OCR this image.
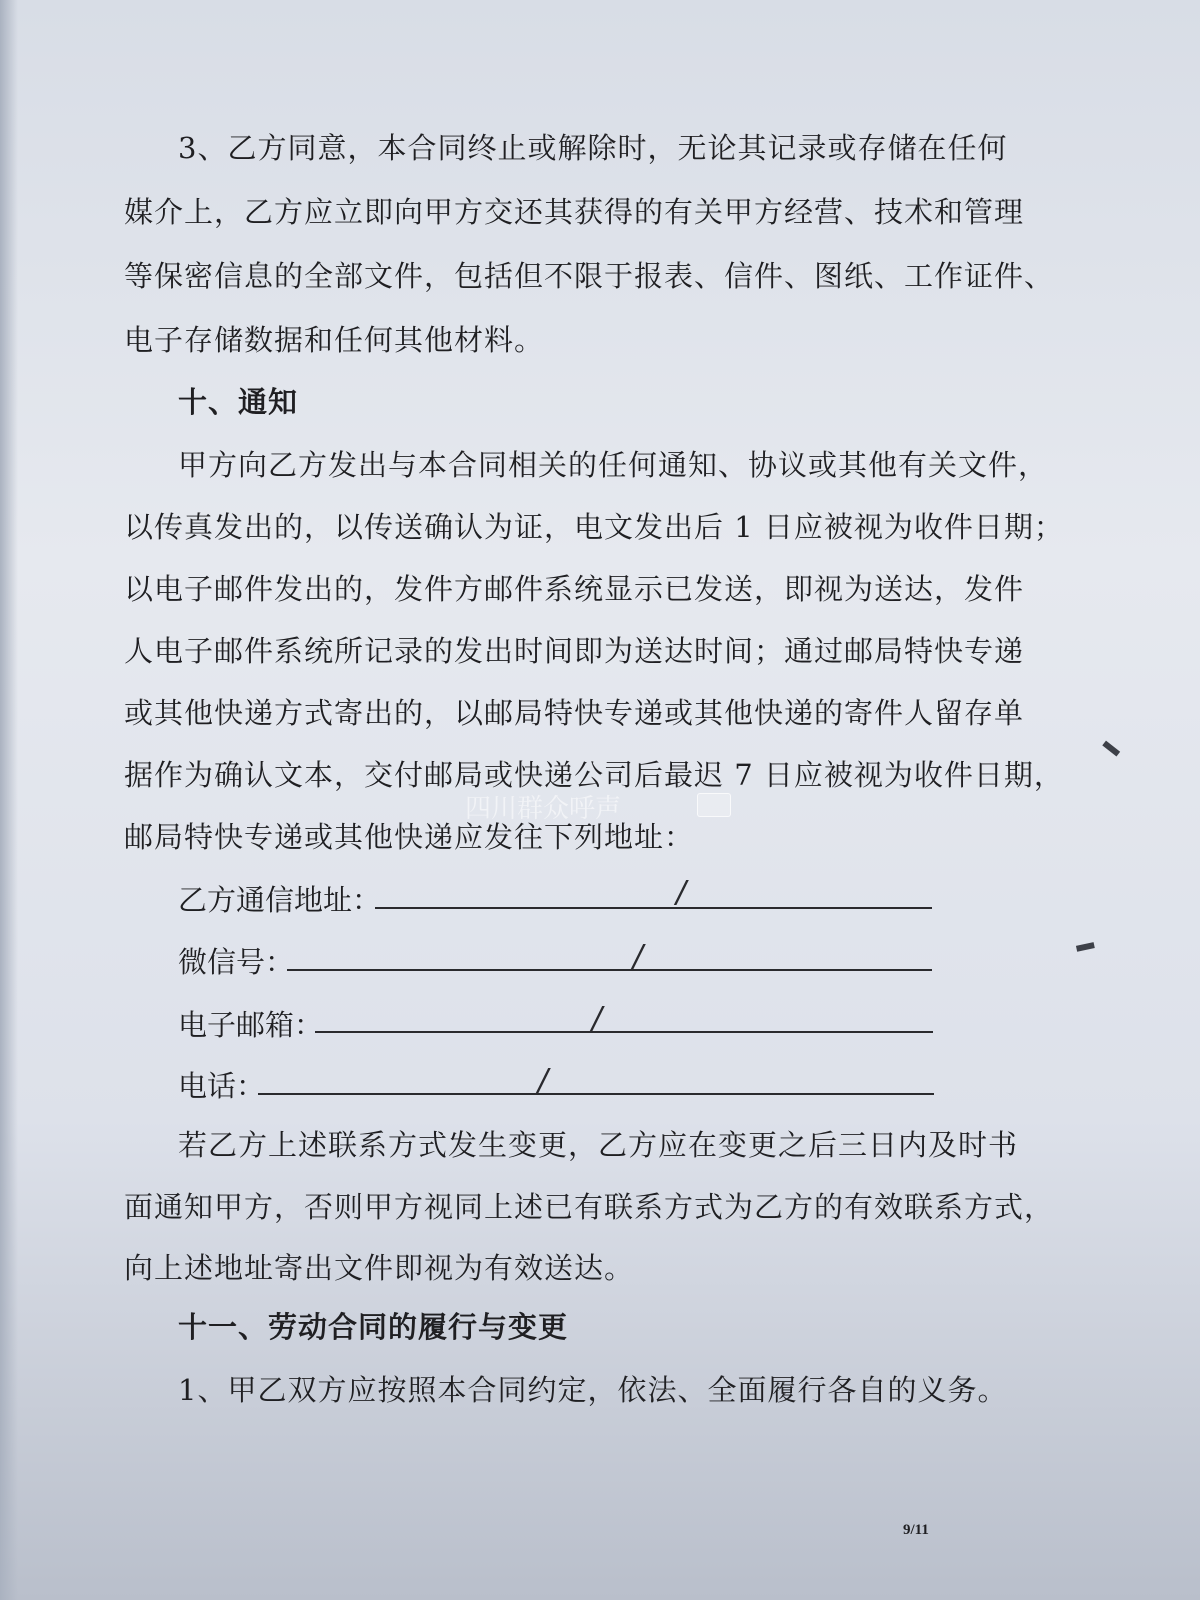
3、乙方同意，本合同终止或解除时，无论其记录或存储在任何
媒介上，乙方应立即向甲方交还其获得的有关甲方经营、技术和管理
等保密信息的全部文件，包括但不限于报表、信件、图纸、工作证件、
电子存储数据和任何其他材料。
十、通知
甲方向乙方发出与本合同相关的任何通知、协议或其他有关文件，
以传真发出的，以传送确认为证，电文发出后 1 日应被视为收件日期；
以电子邮件发出的，发件方邮件系统显示已发送，即视为送达，发件
人电子邮件系统所记录的发出时间即为送达时间；通过邮局特快专递
或其他快递方式寄出的，以邮局特快专递或其他快递的寄件人留存单
据作为确认文本，交付邮局或快递公司后最迟 7 日应被视为收件日期，
邮局特快专递或其他快递应发往下列地址：
乙方通信地址：	/
微信号：	/
电子邮箱：	/
电话：	/
若乙方上述联系方式发生变更，乙方应在变更之后三日内及时书
面通知甲方，否则甲方视同上述已有联系方式为乙方的有效联系方式，
向上述地址寄出文件即视为有效送达。
十一、劳动合同的履行与变更
1、甲乙双方应按照本合同约定，依法、全面履行各自的义务。
9/11
四川群众呼声
